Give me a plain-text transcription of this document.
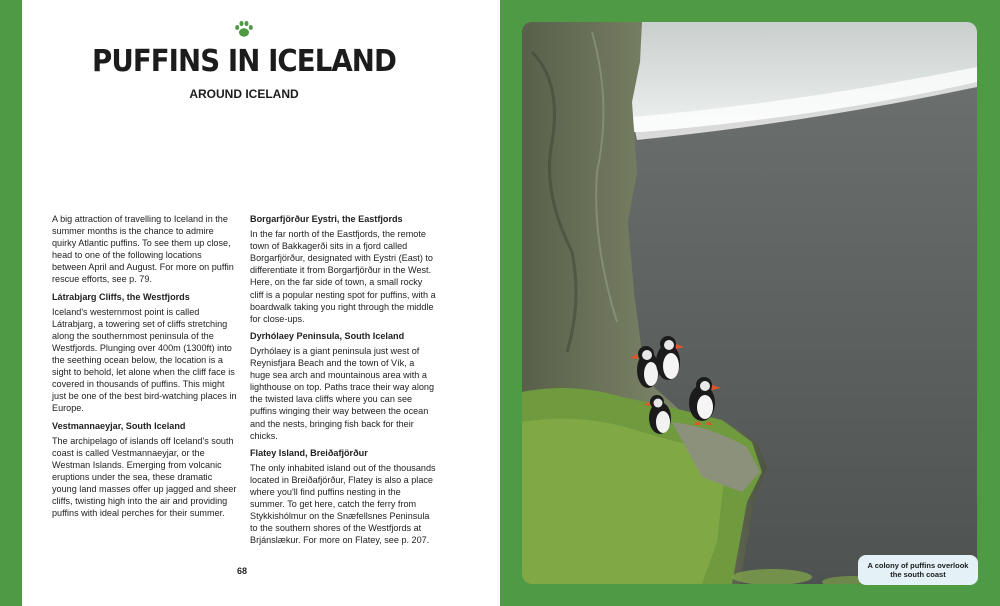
PUFFINS IN ICELAND
AROUND ICELAND

A big attraction of travelling to Iceland in the summer months is the chance to admire quirky Atlantic puffins. To see them up close, head to one of the following locations between April and August. For more on puffin rescue efforts, see p. 79.

Látrabjarg Cliffs, the Westfjords

Iceland's westernmost point is called Látrabjarg, a towering set of cliffs stretching along the southernmost peninsula of the Westfjords. Plunging over 400m (1300ft) into the seething ocean below, the location is a sight to behold, let alone when the cliff face is covered in thousands of puffins. This might just be one of the best bird-watching places in Europe.

Vestmannaeyjar, South Iceland

The archipelago of islands off Iceland's south coast is called Vestmannaeyjar, or the Westman Islands. Emerging from volcanic eruptions under the sea, these dramatic young land masses offer up jagged and sheer cliffs, twisting high into the air and providing puffins with ideal perches for their summer.

Borgarfjörður Eystri, the Eastfjords

In the far north of the Eastfjords, the remote town of Bakkagerði sits in a fjord called Borgarfjörður, designated with Eystri (East) to differentiate it from Borgarfjörður in the West. Here, on the far side of town, a small rocky cliff is a popular nesting spot for puffins, with a boardwalk taking you right through the middle for close-ups.

Dyrhólaey Peninsula, South Iceland

Dyrhólaey is a giant peninsula just west of Reynisfjara Beach and the town of Vík, a huge sea arch and mountainous area with a lighthouse on top. Paths trace their way along the twisted lava cliffs where you can see puffins winging their way between the ocean and the nests, bringing fish back for their chicks.

Flatey Island, Breiðafjörður

The only inhabited island out of the thousands located in Breiðafjörður, Flatey is also a place where you'll find puffins nesting in the summer. To get here, catch the ferry from Stykkishólmur on the Snæfellsnes Peninsula to the southern shores of the Westfjords at Brjánslækur. For more on Flatey, see p. 207.

68
A colony of puffins overlook the south coast
